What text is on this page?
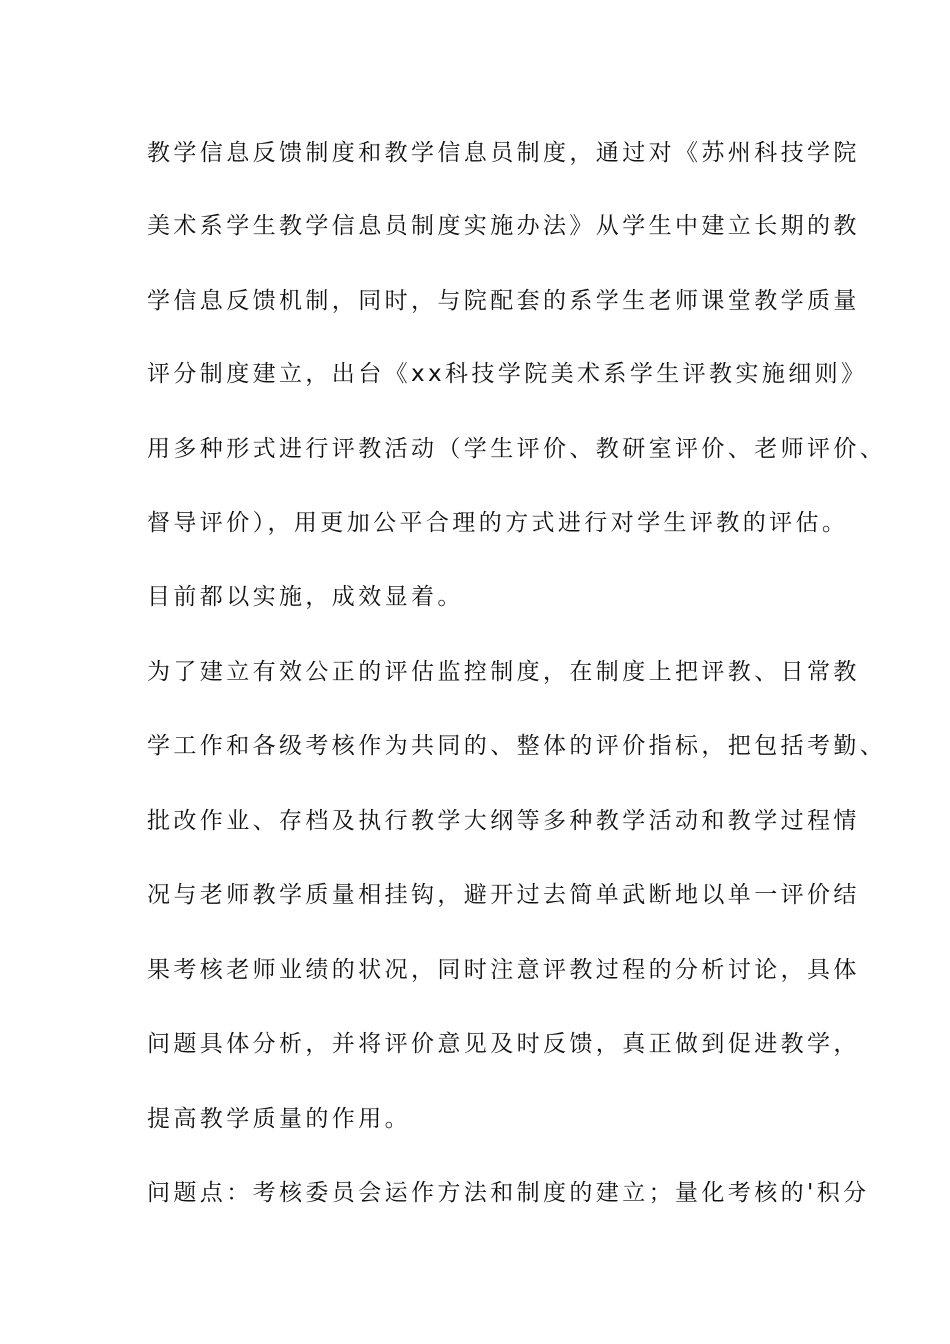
教学信息反馈制度和教学信息员制度，通过对《苏州科技学院
美术系学生教学信息员制度实施办法》从学生中建立长期的教
学信息反馈机制，同时，与院配套的系学生老师课堂教学质量
评分制度建立，出台《xx科技学院美术系学生评教实施细则》
用多种形式进行评教活动（学生评价、教研室评价、老师评价、
督导评价），用更加公平合理的方式进行对学生评教的评估。
目前都以实施，成效显着。
为了建立有效公正的评估监控制度，在制度上把评教、日常教
学工作和各级考核作为共同的、整体的评价指标，把包括考勤、
批改作业、存档及执行教学大纲等多种教学活动和教学过程情
况与老师教学质量相挂钩，避开过去简单武断地以单一评价结
果考核老师业绩的状况，同时注意评教过程的分析讨论，具体
问题具体分析，并将评价意见及时反馈，真正做到促进教学，
提高教学质量的作用。
问题点：考核委员会运作方法和制度的建立；量化考核的'积分
